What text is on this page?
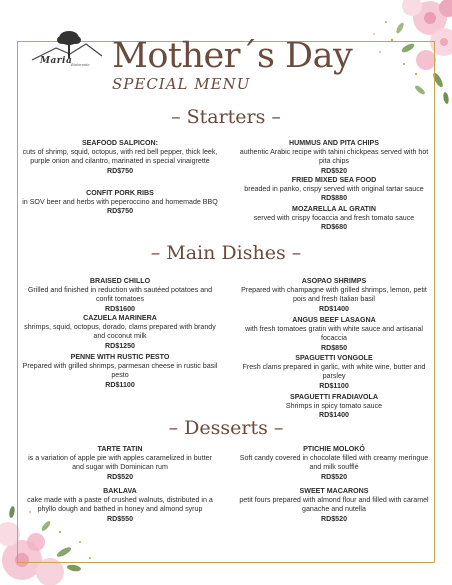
Maria
Ristorante Mother´s Day
SPECIAL MENU
– Starters –
SEAFOOD SALPICON:
cuts of shrimp, squid, octopus, with red bell pepper, thick leek, purple onion and cilantro, marinated in special vinaigrette
RD$750
CONFIT PORK RIBS
in SOV beer and herbs with peperoccino and homemade BBQ
RD$750
HUMMUS AND PITA CHIPS
authentic Arabic recipe with tahini chickpeas served with hot pita chips
RD$520
FRIED MIXED SEA FOOD
breaded in panko, crispy served with original tartar sauce
RD$880
MOZARELLA AL GRATIN
served with crispy focaccia and fresh tomato sauce
RD$680
– Main Dishes –
BRAISED CHILLO
Grilled and finished in reduction with sautéed potatoes and confit tomatoes
RD$1600
CAZUELA MARINERA
shrimps, squid, octopus, dorado, clams prepared with brandy and coconut milk
RD$1250
PENNE WITH RUSTIC PESTO
Prepared with grilled shrimps, parmesan cheese in rustic basil pesto
RD$1100
ASOPAO SHRIMPS
Prepared with champagne with grilled shrimps, lemon, petit pois and fresh Italian basil
RD$1400
ANGUS BEEF LASAGNA
with fresh tomatoes gratin with white sauce and artisanal focaccia
RD$850
SPAGUETTI VONGOLE
Fresh clams prepared in garlic, with white wine, butter and parsley
RD$1100
SPAGUETTI FRADIAVOLA
Shrimps in spicy tomato sauce
RD$1400
– Desserts –
TARTE TATIN
is a variation of apple pie with apples caramelized in butter and sugar with Dominican rum
RD$520
BAKLAVA
cake made with a paste of crushed walnuts, distributed in a phyllo dough and bathed in honey and almond syrup
RD$550
PTICHIE MOLOKÓ
Soft candy covered in chocolate filled with creamy meringue and milk soufflé
RD$520
SWEET MACARONS
petit fours prepared with almond flour and filled with caramel ganache and nutella
RD$520
